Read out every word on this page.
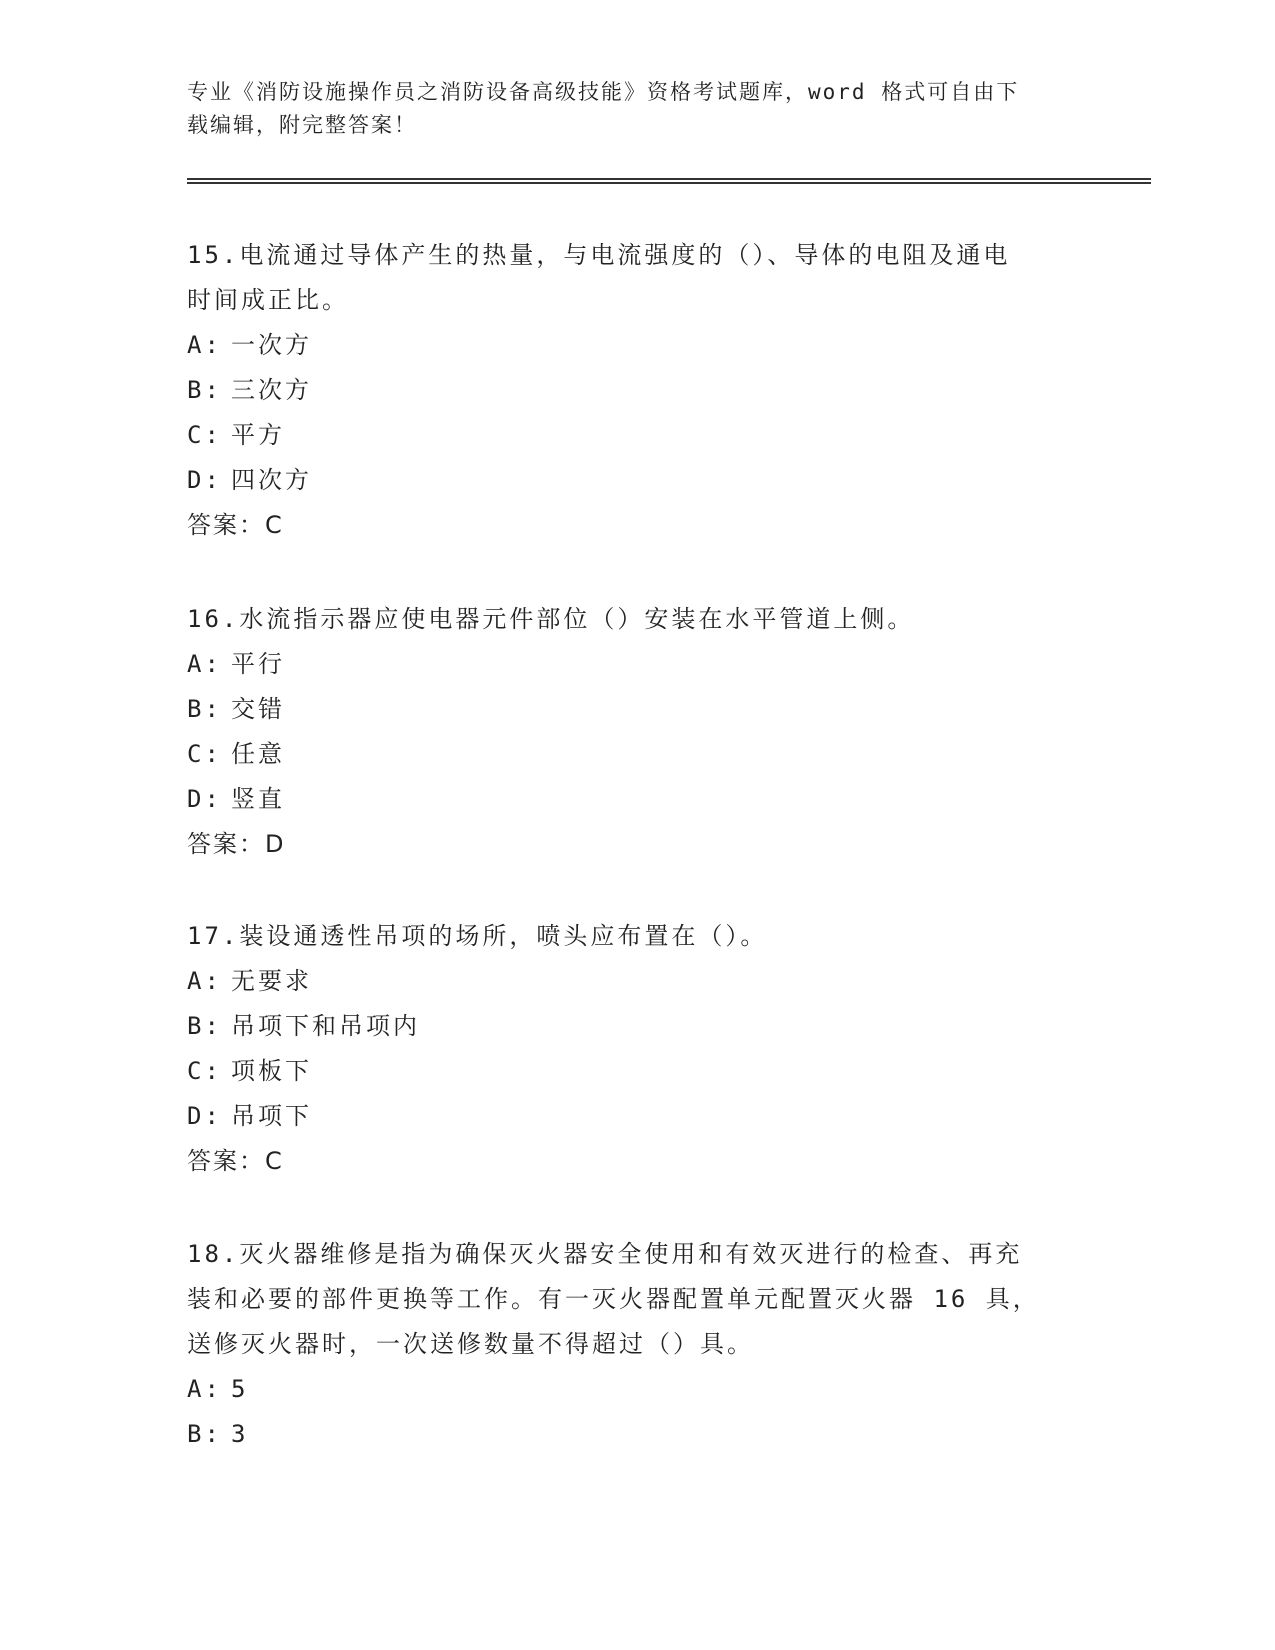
专业《消防设施操作员之消防设备高级技能》资格考试题库，word 格式可自由下
载编辑，附完整答案！

15.电流通过导体产生的热量，与电流强度的（）、导体的电阻及通电
时间成正比。

A: 一次方

B: 三次方

C: 平方

D: 四次方

答案：C

16.水流指示器应使电器元件部位（）安装在水平管道上侧。

A: 平行

B: 交错

C: 任意

D: 竖直

答案：D

17.装设通透性吊项的场所，喷头应布置在（）。

A: 无要求

B: 吊项下和吊项内

C: 项板下

D: 吊项下

答案：C

18.灭火器维修是指为确保灭火器安全使用和有效灭进行的检查、再充
装和必要的部件更换等工作。有一灭火器配置单元配置灭火器 16 具，
送修灭火器时，一次送修数量不得超过（）具。

A: 5

B: 3
